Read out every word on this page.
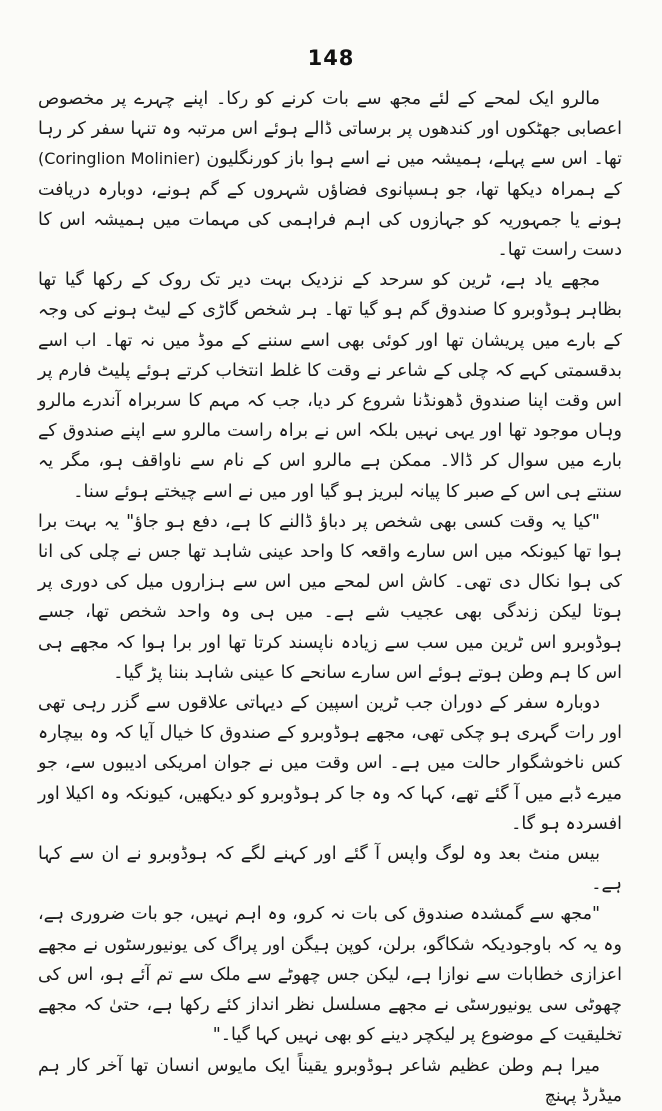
148

مالرو ایک لمحے کے لئے مجھ سے بات کرنے کو رکا۔ اپنے چہرے پر مخصوص اعصابی جھٹکوں اور کندھوں پر برساتی ڈالے ہوئے اس مرتبہ وہ تنہا سفر کر رہا تھا۔ اس سے پہلے، ہمیشہ میں نے اسے ہوا باز کورنگلیون (Coringlion Molinier) کے ہمراہ دیکھا تھا، جو ہسپانوی فضاؤں شہروں کے گم ہونے، دوبارہ دریافت ہونے یا جمہوریہ کو جہازوں کی اہم فراہمی کی مہمات میں ہمیشہ اس کا دست راست تھا۔

مجھے یاد ہے، ٹرین کو سرحد کے نزدیک بہت دیر تک روک کے رکھا گیا تھا بظاہر ہوڈوبرو کا صندوق گم ہو گیا تھا۔ ہر شخص گاڑی کے لیٹ ہونے کی وجہ کے بارے میں پریشان تھا اور کوئی بھی اسے سننے کے موڈ میں نہ تھا۔ اب اسے بدقسمتی کہے کہ چلی کے شاعر نے وقت کا غلط انتخاب کرتے ہوئے پلیٹ فارم پر اس وقت اپنا صندوق ڈھونڈنا شروع کر دیا، جب کہ مہم کا سربراہ آندرے مالرو وہاں موجود تھا اور یہی نہیں بلکہ اس نے براہ راست مالرو سے اپنے صندوق کے بارے میں سوال کر ڈالا۔ ممکن ہے مالرو اس کے نام سے ناواقف ہو، مگر یہ سنتے ہی اس کے صبر کا پیانہ لبریز ہو گیا اور میں نے اسے چیختے ہوئے سنا۔

"کیا یہ وقت کسی بھی شخص پر دباؤ ڈالنے کا ہے، دفع ہو جاؤ" یہ بہت برا ہوا تھا کیونکہ میں اس سارے واقعہ کا واحد عینی شاہد تھا جس نے چلی کی انا کی ہوا نکال دی تھی۔ کاش اس لمحے میں اس سے ہزاروں میل کی دوری پر ہوتا لیکن زندگی بھی عجیب شے ہے۔ میں ہی وہ واحد شخص تھا، جسے ہوڈوبرو اس ٹرین میں سب سے زیادہ ناپسند کرتا تھا اور برا ہوا کہ مجھے ہی اس کا ہم وطن ہوتے ہوئے اس سارے سانحے کا عینی شاہد بننا پڑ گیا۔

دوبارہ سفر کے دوران جب ٹرین اسپین کے دیہاتی علاقوں سے گزر رہی تھی اور رات گہری ہو چکی تھی، مجھے ہوڈوبرو کے صندوق کا خیال آیا کہ وہ بیچارہ کس ناخوشگوار حالت میں ہے۔ اس وقت میں نے جوان امریکی ادیبوں سے، جو میرے ڈبے میں آ گئے تھے، کہا کہ وہ جا کر ہوڈوبرو کو دیکھیں، کیونکہ وہ اکیلا اور افسردہ ہو گا۔

بیس منٹ بعد وہ لوگ واپس آ گئے اور کہنے لگے کہ ہوڈوبرو نے ان سے کہا ہے۔

"مجھ سے گمشدہ صندوق کی بات نہ کرو، وہ اہم نہیں، جو بات ضروری ہے، وہ یہ کہ باوجودیکہ شکاگو، برلن، کوپن ہیگن اور پراگ کی یونیورسٹوں نے مجھے اعزازی خطابات سے نوازا ہے، لیکن جس چھوٹے سے ملک سے تم آئے ہو، اس کی چھوٹی سی یونیورسٹی نے مجھے مسلسل نظر انداز کئے رکھا ہے، حتیٰ کہ مجھے تخلیقیت کے موضوع پر لیکچر دینے کو بھی نہیں کہا گیا۔"

میرا ہم وطن عظیم شاعر ہوڈوبرو یقیناً ایک مایوس انسان تھا آخر کار ہم میڈرڈ پہنچ
